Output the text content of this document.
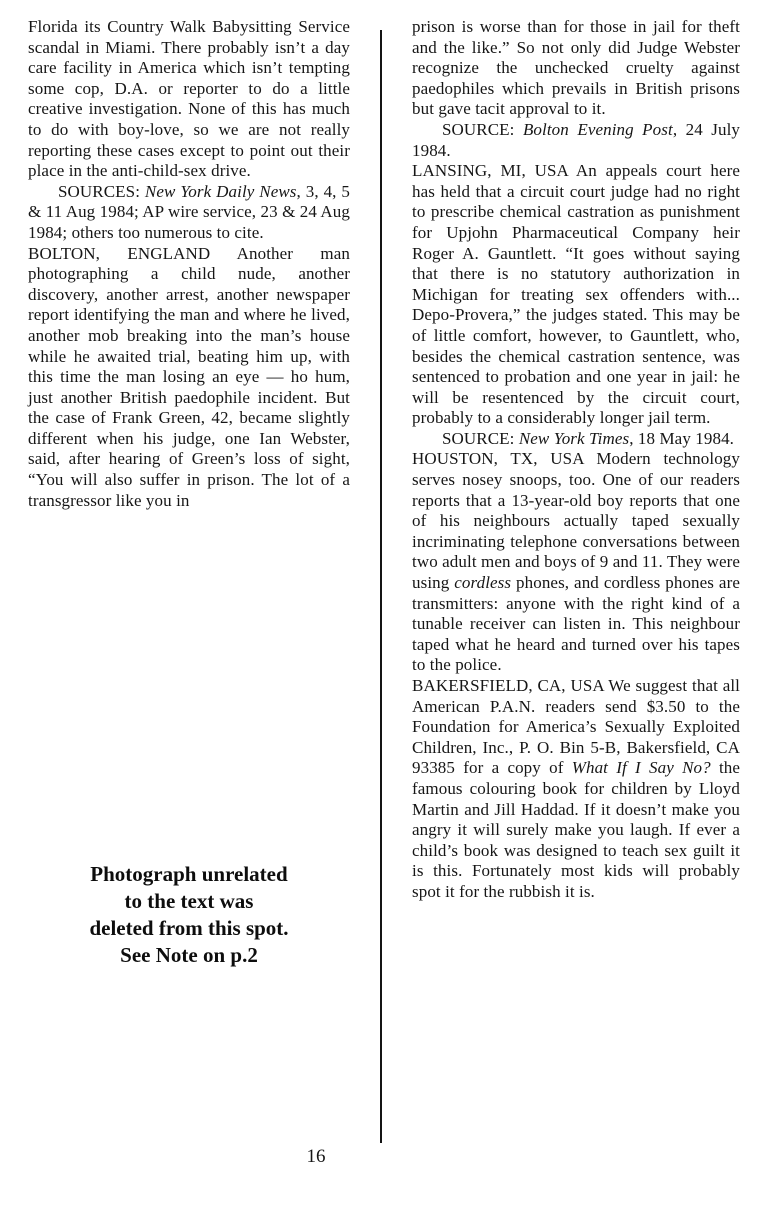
Florida its Country Walk Babysitting Service scandal in Miami. There probably isn’t a day care facility in America which isn’t tempting some cop, D.A. or reporter to do a little creative investigation. None of this has much to do with boy-love, so we are not really reporting these cases except to point out their place in the anti-child-sex drive.

SOURCES: New York Daily News, 3, 4, 5 & 11 Aug 1984; AP wire service, 23 & 24 Aug 1984; others too numerous to cite.

BOLTON, ENGLAND Another man photographing a child nude, another discovery, another arrest, another newspaper report identifying the man and where he lived, another mob breaking into the man’s house while he awaited trial, beating him up, with this time the man losing an eye — ho hum, just another British paedophile incident. But the case of Frank Green, 42, became slightly different when his judge, one Ian Webster, said, after hearing of Green’s loss of sight, “You will also suffer in prison. The lot of a transgressor like you in

Photograph unrelated
to the text was
deleted from this spot.
See Note on p.2

prison is worse than for those in jail for theft and the like.” So not only did Judge Webster recognize the unchecked cruelty against paedophiles which prevails in British prisons but gave tacit approval to it.

SOURCE: Bolton Evening Post, 24 July 1984.

LANSING, MI, USA An appeals court here has held that a circuit court judge had no right to prescribe chemical castration as punishment for Upjohn Pharmaceutical Company heir Roger A. Gauntlett. “It goes without saying that there is no statutory authorization in Michigan for treating sex offenders with... Depo-Provera,” the judges stated. This may be of little comfort, however, to Gauntlett, who, besides the chemical castration sentence, was sentenced to probation and one year in jail: he will be resentenced by the circuit court, probably to a considerably longer jail term.

SOURCE: New York Times, 18 May 1984.

HOUSTON, TX, USA Modern technology serves nosey snoops, too. One of our readers reports that a 13-year-old boy reports that one of his neighbours actually taped sexually incriminating telephone conversations between two adult men and boys of 9 and 11. They were using cordless phones, and cordless phones are transmitters: anyone with the right kind of a tunable receiver can listen in. This neighbour taped what he heard and turned over his tapes to the police.

BAKERSFIELD, CA, USA We suggest that all American P.A.N. readers send $3.50 to the Foundation for America’s Sexually Exploited Children, Inc., P. O. Bin 5-B, Bakersfield, CA 93385 for a copy of What If I Say No? the famous colouring book for children by Lloyd Martin and Jill Haddad. If it doesn’t make you angry it will surely make you laugh. If ever a child’s book was designed to teach sex guilt it is this. Fortunately most kids will probably spot it for the rubbish it is.

16
